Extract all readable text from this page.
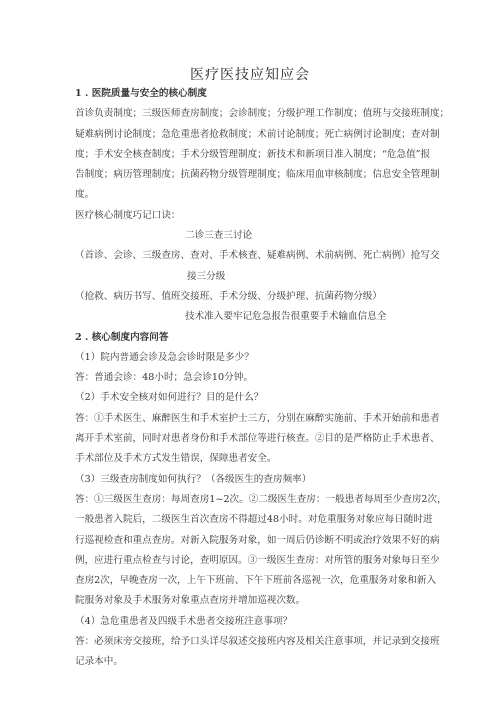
医疗医技应知应会
1 . 医院质量与安全的核心制度
首诊负责制度；三级医师查房制度；会诊制度；分级护理工作制度；值班与交接班制度；
疑难病例讨论制度；急危重患者抢救制度；术前讨论制度；死亡病例讨论制度；查对制
度；手术安全核查制度；手术分级管理制度；新技术和新项目准入制度；“危急值”报
告制度；病历管理制度；抗菌药物分级管理制度；临床用血审核制度；信息安全管理制
度。
医疗核心制度巧记口诀：
二诊三查三讨论
（首诊、会诊、三级查房、查对、手术核查、疑难病例、术前病例、死亡病例）抢写交
接三分级
（抢救、病历书写、值班交接班、手术分级、分级护理、抗菌药物分级）
技术准入要牢记危急报告很重要手术输血信息全
2 . 核心制度内容问答
（1）院内普通会诊及急会诊时限是多少？
答：普通会诊：48小时；急会诊10分钟。
（2）手术安全核对如何进行？目的是什么？
答：①手术医生、麻醉医生和手术室护士三方，分别在麻醉实施前、手术开始前和患者
离开手术室前，同时对患者身份和手术部位等进行核查。②目的是严格防止手术患者、
手术部位及手术方式发生错误，保障患者安全。
（3）三级查房制度如何执行？（各级医生的查房频率）
答：①三级医生查房：每周查房1~2次。②二级医生查房：一般患者每周至少查房2次，
一般患者入院后，二级医生首次查房不得超过48小时。对危重服务对象应每日随时进
行巡视检查和重点查房。对新入院服务对象，如一周后仍诊断不明或治疗效果不好的病
例，应进行重点检查与讨论，查明原因。③一级医生查房：对所管的服务对象每日至少
查房2次，早晚查房一次，上午下班前、下午下班前各巡视一次，危重服务对象和新入
院服务对象及手术服务对象重点查房并增加巡视次数。
（4）急危重患者及四级手术患者交接班注意事项？
答：必须床旁交接班，给予口头详尽叙述交接班内容及相关注意事项，并记录到交接班
记录本中。
